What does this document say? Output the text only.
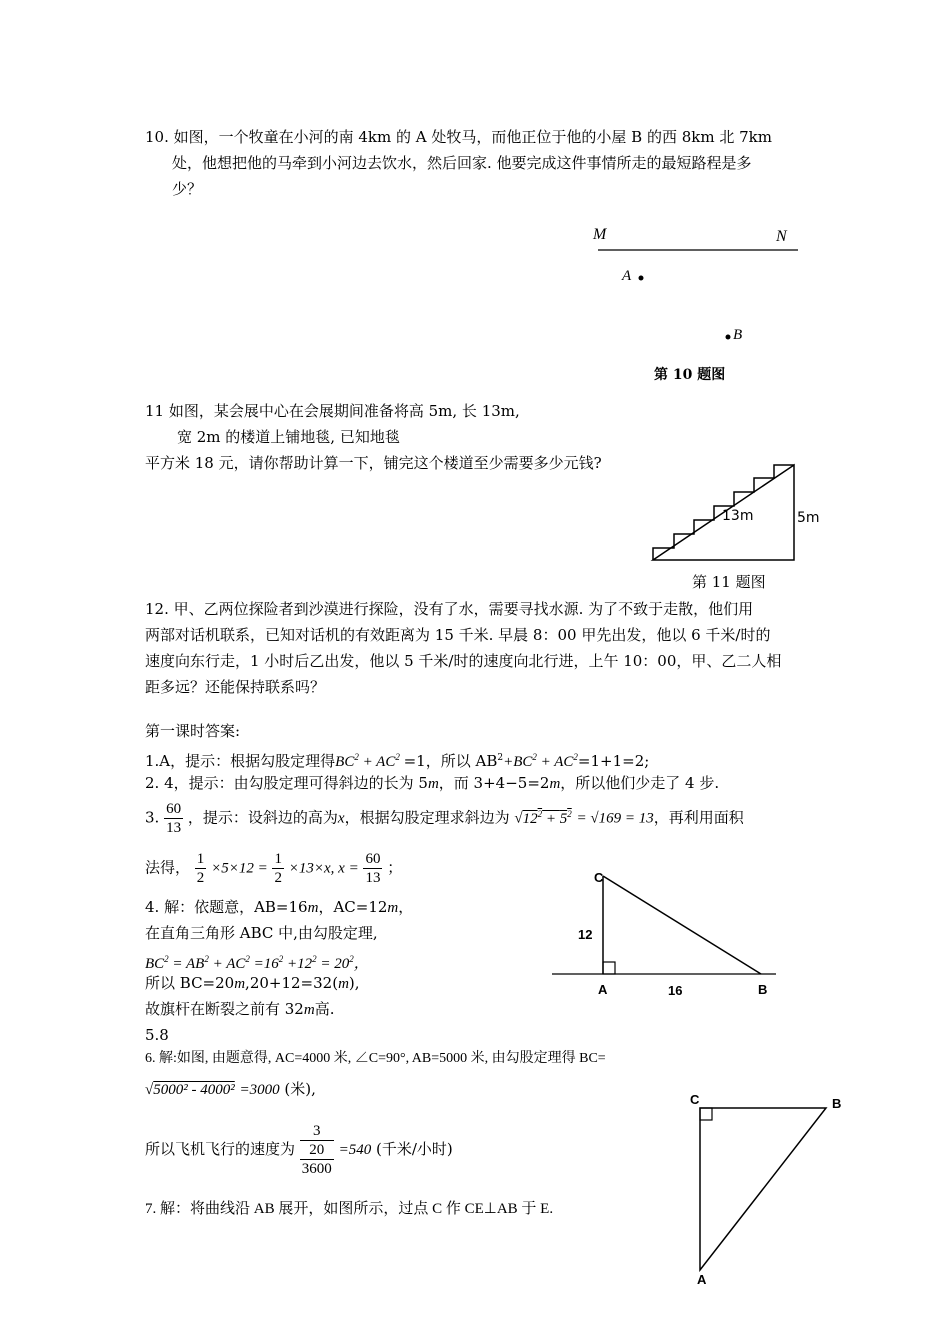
10. 如图，一个牧童在小河的南 4km 的 A 处牧马，而他正位于他的小屋 B 的西 8km 北 7km
处，他想把他的马牵到小河边去饮水，然后回家. 他要完成这件事情所走的最短路程是多
少？
M	N
A
B
第 10 题图
11 如图，某会展中心在会展期间准备将高 5m, 长 13m,
宽 2m 的楼道上铺地毯, 已知地毯
平方米 18 元，请你帮助计算一下，铺完这个楼道至少需要多少元钱?
13m	5m
第 11 题图
12. 甲、乙两位探险者到沙漠进行探险，没有了水，需要寻找水源. 为了不致于走散，他们用
两部对话机联系，已知对话机的有效距离为 15 千米. 早晨 8：00 甲先出发，他以 6 千米/时的
速度向东行走，1 小时后乙出发，他以 5 千米/时的速度向北行进，上午 10：00，甲、乙二人相
距多远？还能保持联系吗？
第一课时答案:
1.A，提示：根据勾股定理得$BC^2 + AC^2 =1$，所以 $AB^2+BC^2 + AC^2=1+1=2$;
2. 4，提示：由勾股定理可得斜边的长为 5m，而 3+4−5=2m，所以他们少走了 4 步.
3. $\frac{60}{13}$ ，提示：设斜边的高为x，根据勾股定理求斜边为 $√12^2 + 5^2 = √169 = 13$，再利用面积
法得， $\frac{1}{2} \times 5\times 12 = \frac{1}{2} \times 13\times x$, $x = \frac{60}{13}$ ；
4. 解：依题意，AB=16m，AC=12m，
在直角三角形 ABC 中,由勾股定理,
$BC^2 = AB^2 + AC^2 =16^2 +12^2 = 20^2$，
所以 BC=20m,20+12=32(m),
故旗杆在断裂之前有 32m高.
C
12
A	16	B
5.8
6. 解:如图, 由题意得, AC=4000 米, ∠C=90°, AB=5000 米, 由勾股定理得 BC=
√5000² - 4000² =3000 (米),
所以飞机飞行的速度为
3
20
3600
=540 (千米/小时)
7. 解：将曲线沿 AB 展开，如图所示，过点 C 作 CE⊥AB 于 E.
C	B
A
